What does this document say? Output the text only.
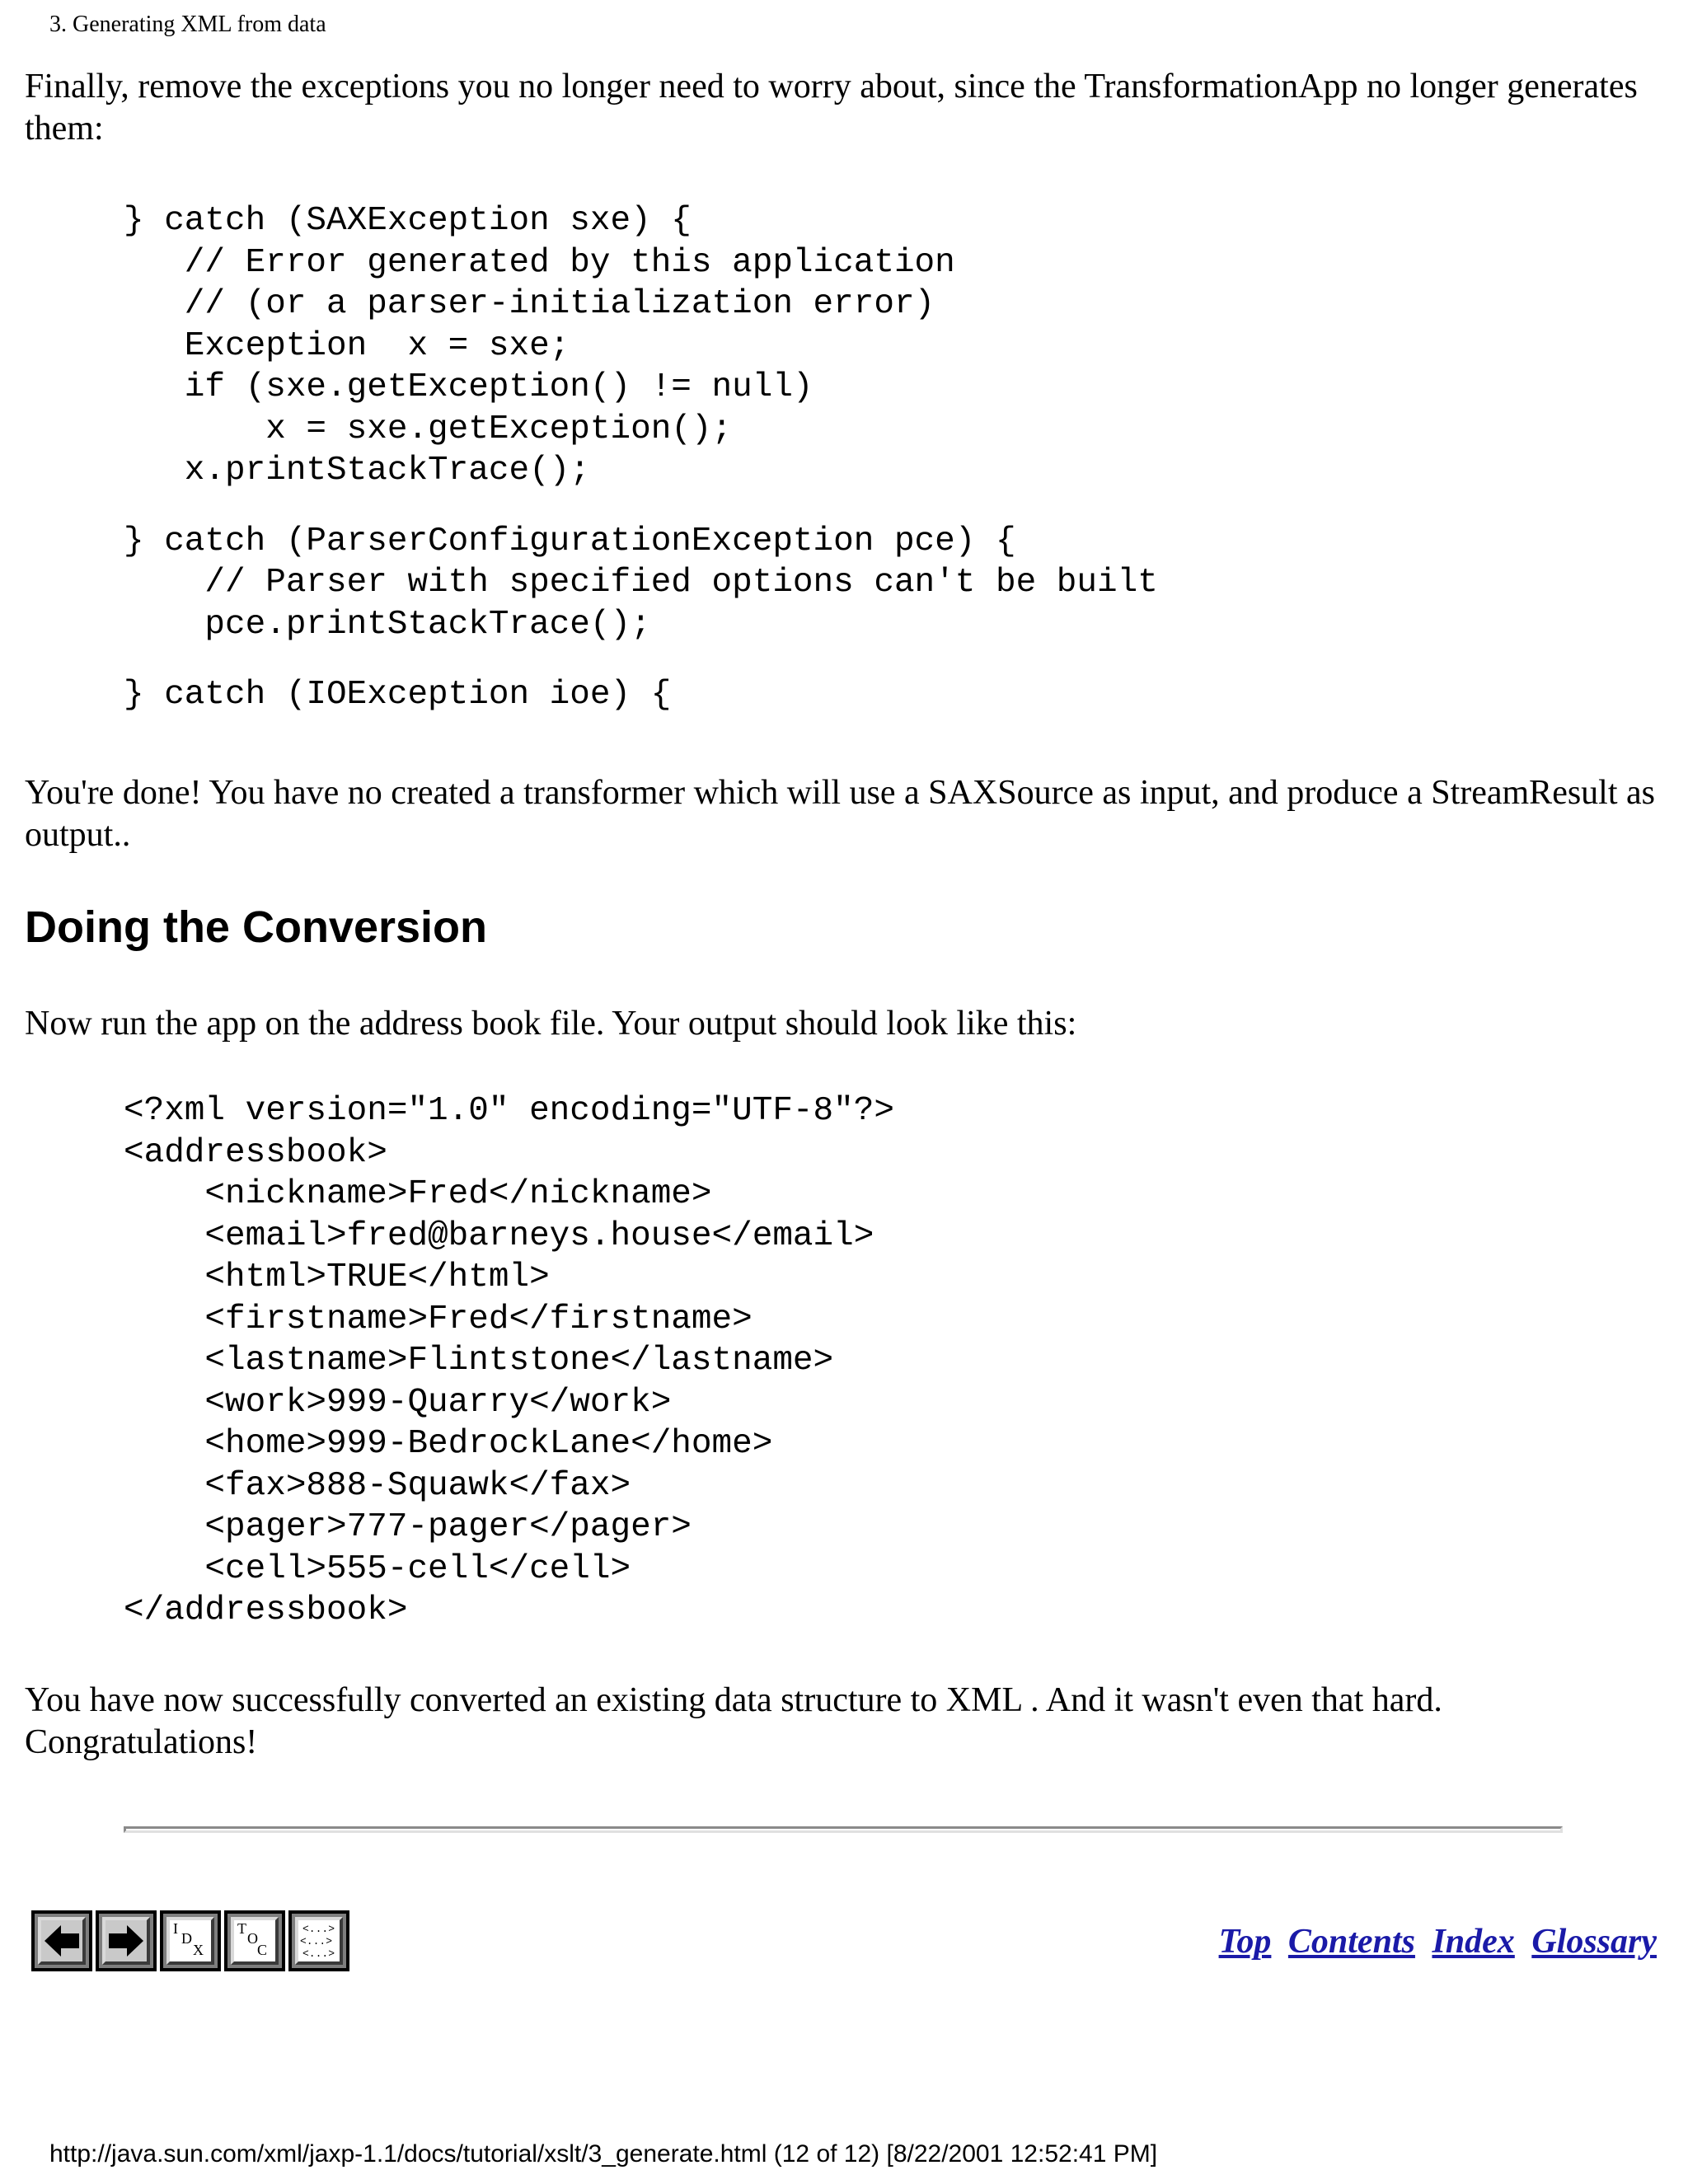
3. Generating XML from data
Finally, remove the exceptions you no longer need to worry about, since the TransformationApp no longer generates them:
} catch (SAXException sxe) {
// Error generated by this application
// (or a parser-initialization error)
Exception  x = sxe;
if (sxe.getException() != null)
x = sxe.getException();
x.printStackTrace();
} catch (ParserConfigurationException pce) {
// Parser with specified options can't be built
pce.printStackTrace();
} catch (IOException ioe) {
You're done! You have no created a transformer which will use a SAXSource as input, and produce a StreamResult as output..
Doing the Conversion
Now run the app on the address book file. Your output should look like this:
<?xml version="1.0" encoding="UTF-8"?>
<addressbook>
<nickname>Fred</nickname>
<email>fred@barneys.house</email>
<html>TRUE</html>
<firstname>Fred</firstname>
<lastname>Flintstone</lastname>
<work>999-Quarry</work>
<home>999-BedrockLane</home>
<fax>888-Squawk</fax>
<pager>777-pager</pager>
<cell>555-cell</cell>
</addressbook>
You have now successfully converted an existing data structure to XML . And it wasn't even that hard. Congratulations!
I
D
X
T
O
C
<...>
<...>
<...>	Top Contents Index Glossary
http://java.sun.com/xml/jaxp-1.1/docs/tutorial/xslt/3_generate.html (12 of 12) [8/22/2001 12:52:41 PM]
